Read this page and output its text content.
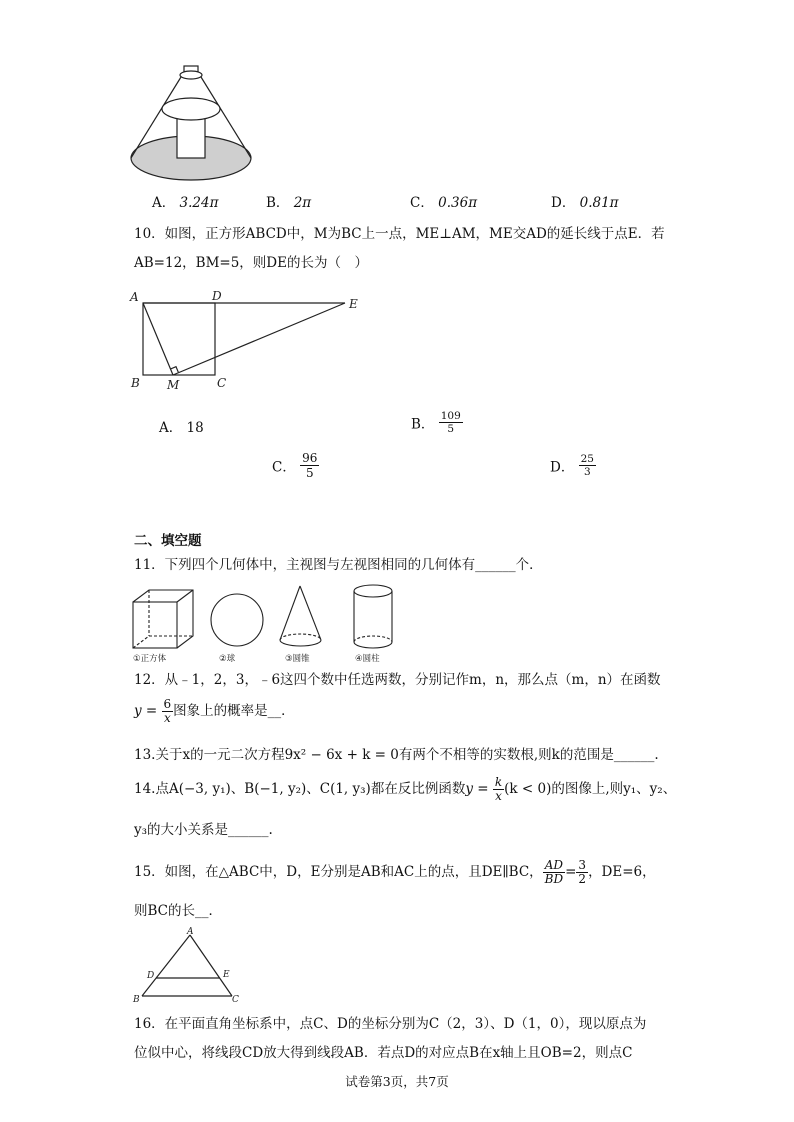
A． 3.24π	B． 2π	C． 0.36π	D． 0.81π
10．如图，正方形ABCD中，M为BC上一点，ME⊥AM，ME交AD的延长线于点E．若
AB=12，BM=5，则DE的长为（　）
A	D
E
B M	C
A． 18	B． $\frac{109}{5}$
C． $\frac{96}{5}$	D． $\frac{25}{3}$
二、填空题
11．下列四个几何体中，主视图与左视图相同的几何体有______个．
①正方体	②球	③圆锥	④圆柱
12．从﹣1，2，3，﹣6这四个数中任选两数，分别记作m，n，那么点（m，n）在函数
$y = \frac{6}{x}$ 图象上的概率是__．
13.关于x的一元二次方程9x² − 6x + k = 0有两个不相等的实数根,则k的范围是______.
14.点A(−3, y₁)、B(−1, y₂)、C(1, y₃)都在反比例函数$y = \frac{k}{x} (k < 0)$的图像上,则y₁、y₂、
y₃的大小关系是______.
15．如图，在△ABC中，D，E分别是AB和AC上的点，且DE∥BC， $\frac{AD}{BD} = \frac{3}{2}$ ，DE=6，
则BC的长__．
A
D	E
B	C
16．在平面直角坐标系中，点C、D的坐标分别为C（2，3）、D（1，0），现以原点为
位似中心，将线段CD放大得到线段AB．若点D的对应点B在x轴上且OB=2，则点C
试卷第3页，共7页
